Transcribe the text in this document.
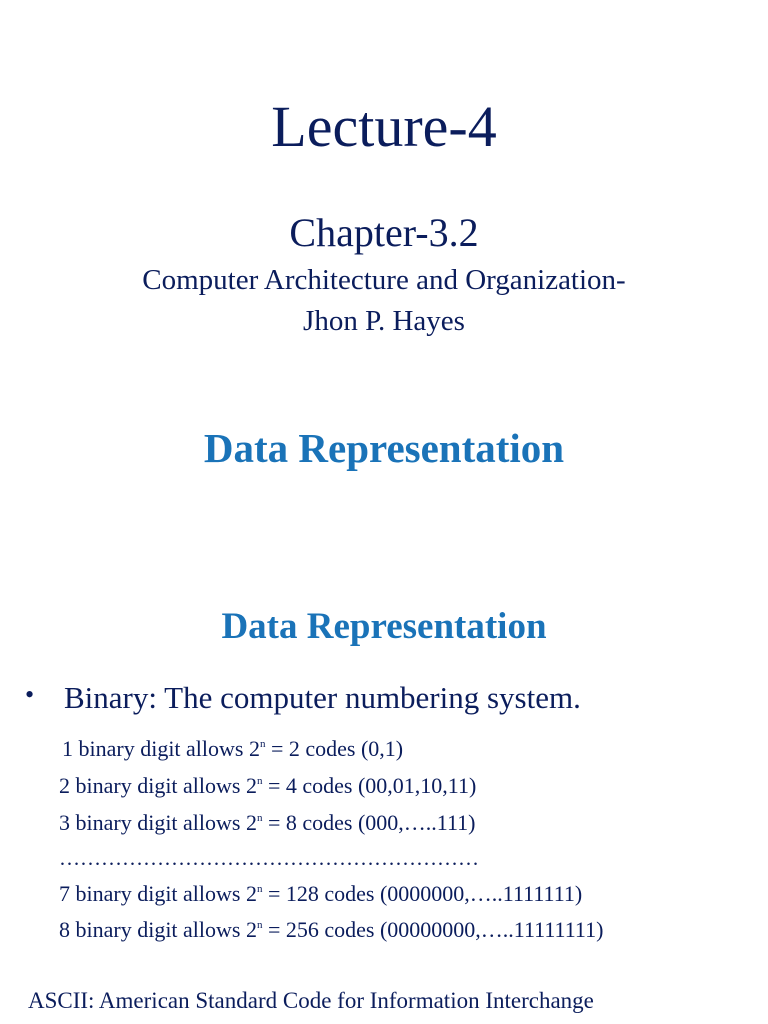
Lecture-4
Chapter-3.2
Computer Architecture and Organization-
Jhon P. Hayes
Data Representation
Data Representation
• Binary: The computer numbering system.
1 binary digit allows $2^n = 2$ codes (0,1)
2 binary digit allows $2^n = 4$ codes (00,01,10,11)
3 binary digit allows $2^n = 8$ codes (000,…..111)
……………………………………………………
7 binary digit allows $2^n = 128$ codes (0000000,…..1111111)
8 binary digit allows $2^n = 256$ codes (00000000,…..11111111)
ASCII: American Standard Code for Information Interchange
